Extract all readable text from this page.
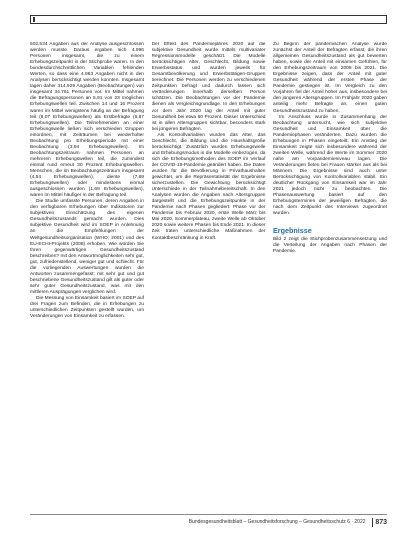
502.534 Angaben aus der Analyse ausgeschlossen werden musste. Daraus ergaben sich 4.996 Personen insgesamt, die zu einem Erhebungszeitpunkt in der Stichprobe waren. In den bundesdurchschnittlichen Variablen fehlenden Werten, so dass eine 4.963 Angaben nicht in den Analysen berücksichtigt werden konnten. Insgesamt lagen daher 314.929 Angaben (Beobachtungen) von insgesamt 34.761 Personen vor. Im Mittel nahmen die Befragungspersonen an 5,91 von 23 möglichen Erhebungswellen teil. Zwischen 14 und 16 Prozent waren im Mittel wenigstens häufig an der Befragung teil (8,07 Erhebungswellen) als Erstbefragte (6,87 Erhebungswellen). Die Teilnehmenden an einer Erhebungswelle ließen sich verschieden Gruppen einordnen, mit Zeiträumen bei wiederholter Beobachtung pro Erhebungsperiode mit einer Beobachtung (3,94 Erhebungswellen). Im Beobachtungszeitraum nahmen Personen an mehreren Erhebungswellen teil, die zumindest einmal rund erneut 30 Prozent Erhebungswellen. Menschen, die im Beobachtungszeitraum insgesamt (4,54 Erhebungswellen), diente (7,69 Erhebungswellen) oder mindestens einmal ausgeschlossen wurden (1,69 Erhebungswellen), waren im Mittel häufiger in der Befragung teil.

Die Studie umfasste Personen, deren Angaben in den verfügbaren Erhebungen über Indikatoren zur subjektiven Einschätzung des eigenen Gesundheitszustands gemacht wurden. Dies subjektive Gesundheit wird im SOEP in Anlehnung an die Empfehlungen der Weltgesundheitsorganisation (WHO; 2001) und des EU-ECHI-Projekts (2008) erhoben. Wie würden Sie Ihren gegenwärtigen Gesundheitszustand beschreiben? mit den Antwortmöglichkeiten sehr gut, gut, zufriedenstellend, weniger gut und schlecht. Für die vorliegenden Auswertungen wurden die Antworten zusammengefasst: mit sehr gut und gut beschriebene Gesundheitszustand gilt als guter oder sehr guter Gesundheitszustand, was mit den mittleren Ausprägungen verglichen wird.

Die Messung von Einsamkeit basiert im SOEP auf drei Fragen zum Befinden, die in Erhebungen zu unterschiedlichen Zeitpunkten gestellt wurden, um Veränderungen von Einsamkeit zu erfassen.

Der Effekt des Pandemiejahres 2020 auf die subjektive Gesundheit wurde mittels multivariater Regressionsmodelle geschätzt. Die Modelle berücksichtigen Alter, Geschlecht, Bildung sowie Erwerbsstatus und wurden jeweils für Gesamtbevölkerung und Erwerbstätigen-Gruppen berechnet. Die Personen werden zu verschiedenen Zeitpunkten befragt und dadurch lassen sich Veränderungen innerhalb derselben Person schätzen. Die Beobachtungen vor der Pandemie dienen als Vergleichsgrundlage. In den Erhebungen vor dem Jahr 2020 lag der Anteil mit guter Gesundheit bei etwa 60 Prozent. Dieser Unterschied ist in allen Altersgruppen sichtbar, besonders stark bei jüngeren Befragten.

Als Kontrollvariablen wurden das Alter, das Geschlecht, die Bildung und die Haushaltsgröße berücksichtigt. Zusätzlich wurden Erhebungswelle und Erhebungsmodus in die Modelle einbezogen, da sich die Erhebungsmethoden des SOEP im Verlauf der COVID-19-Pandemie geändert haben. Die Daten wurden für die Bevölkerung in Privathaushalten gewichtet, um die Repräsentativität der Ergebnisse sicherzustellen. Die Gewichtung berücksichtigt Unterschiede in der Teilnahmebereitschaft. In den Analysen wurden die Angaben nach Altersgruppen dargestellt und die Erhebungszeitpunkte in der Pandemie nach Phasen gegliedert: Phase vor der Pandemie bis Februar 2020, erste Welle März bis Mai 2020, Sommerplateau, zweite Welle ab Oktober 2020 sowie weitere Phasen bis Ende 2021. In dieser Zeit traten unterschiedliche Maßnahmen der Kontaktbeschränkung in Kraft.

Zu Beginn der pandemischen Analyse wurde zunächst der Anteil der Befragten erfasst, die ihren allgemeinen Gesundheitszustand als gut bewerten haben, sowie der Anteil mit einsamen Gefühlen, für den Erhebungszeitraum von 2008 bis 2021. Die Ergebnisse zeigen, dass der Anteil mit guter Gesundheit während der ersten Phase der Pandemie gestiegen ist. Im Vergleich zu den Vorjahren fiel der Anteil höher aus, insbesondere bei den jüngeren Altersgruppen. Im Frühjahr 2020 gaben anteilig mehr Befragte an, einen guten Gesundheitszustand zu haben.

Im Anschluss wurde in Zusammenhang der Beobachtung untersucht, wie sich subjektive Gesundheit und Einsamkeit über die Pandemiephasen veränderten. Dazu wurden die Erhebungen in Phasen eingeteilt. Ein Anstieg der Einsamkeit zeigte sich insbesondere während der zweiten Welle, während die Werte im Sommer 2020 nahe am Vorpandemieniveau lagen. Die Veränderungen fielen bei Frauen stärker aus als bei Männern. Die Ergebnisse sind auch unter Berücksichtigung von Kontrollvariablen stabil. Ein deutlicher Rückgang von Einsamkeit war im Jahr 2021 jedoch nicht zu beobachten. Die Phasenauswertung basiert auf den Erhebungsterminen der jeweiligen Befragten, die nach dem Zeitpunkt des Interviews zugeordnet wurden.

Ergebnisse

Bild 2 zeigt die Stichprobenzusammensetzung und die Verteilung der Angaben nach Phasen der Pandemie.

Bundesgesundheitsblatt – Gesundheitsforschung – Gesundheitsschutz 6 · 2022 873
